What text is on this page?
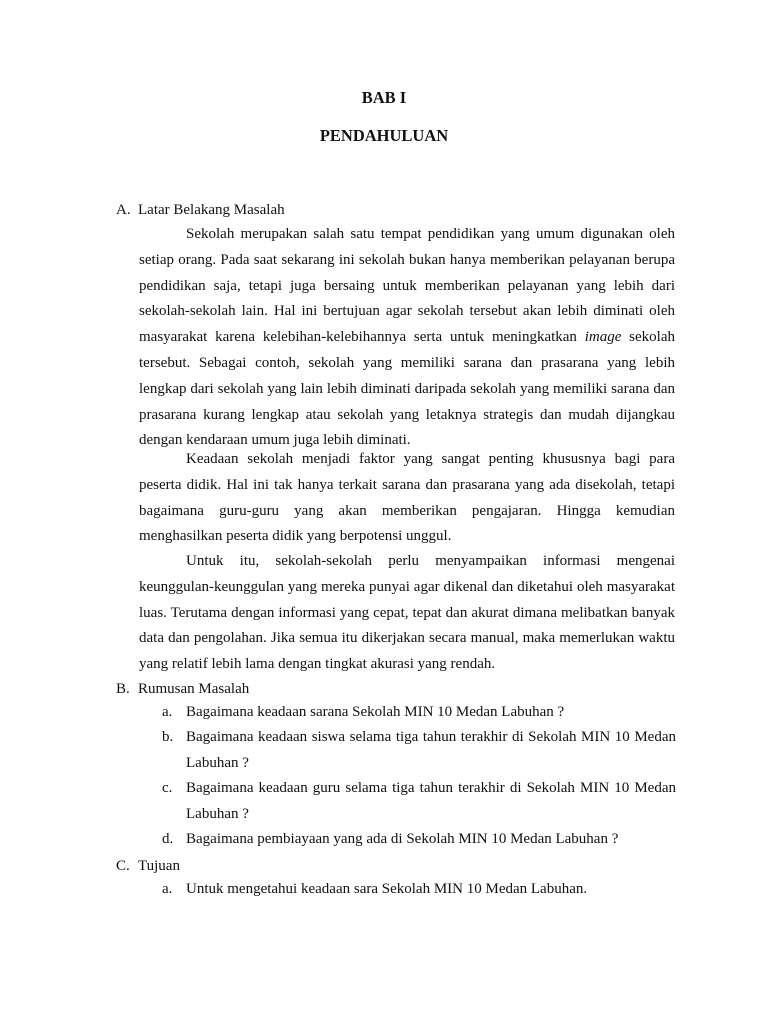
BAB I
PENDAHULUAN
A. Latar Belakang Masalah

Sekolah merupakan salah satu tempat pendidikan yang umum digunakan oleh setiap orang. Pada saat sekarang ini sekolah bukan hanya memberikan pelayanan berupa pendidikan saja, tetapi juga bersaing untuk memberikan pelayanan yang lebih dari sekolah-sekolah lain. Hal ini bertujuan agar sekolah tersebut akan lebih diminati oleh masyarakat karena kelebihan-kelebihannya serta untuk meningkatkan image sekolah tersebut. Sebagai contoh, sekolah yang memiliki sarana dan prasarana yang lebih lengkap dari sekolah yang lain lebih diminati daripada sekolah yang memiliki sarana dan prasarana kurang lengkap atau sekolah yang letaknya strategis dan mudah dijangkau dengan kendaraan umum juga lebih diminati.

Keadaan sekolah menjadi faktor yang sangat penting khususnya bagi para peserta didik. Hal ini tak hanya terkait sarana dan prasarana yang ada disekolah, tetapi bagaimana guru-guru yang akan memberikan pengajaran. Hingga kemudian menghasilkan peserta didik yang berpotensi unggul.

Untuk itu, sekolah-sekolah perlu menyampaikan informasi mengenai keunggulan-keunggulan yang mereka punyai agar dikenal dan diketahui oleh masyarakat luas. Terutama dengan informasi yang cepat, tepat dan akurat dimana melibatkan banyak data dan pengolahan. Jika semua itu dikerjakan secara manual, maka memerlukan waktu yang relatif lebih lama dengan tingkat akurasi yang rendah.

B. Rumusan Masalah
a. Bagaimana keadaan sarana Sekolah MIN 10 Medan Labuhan ?
b. Bagaimana keadaan siswa selama tiga tahun terakhir di Sekolah MIN 10 Medan Labuhan ?
c. Bagaimana keadaan guru selama tiga tahun terakhir di Sekolah MIN 10 Medan Labuhan ?
d. Bagaimana pembiayaan yang ada di Sekolah MIN 10 Medan Labuhan ?
C. Tujuan
a. Untuk mengetahui keadaan sara Sekolah MIN 10 Medan Labuhan.
